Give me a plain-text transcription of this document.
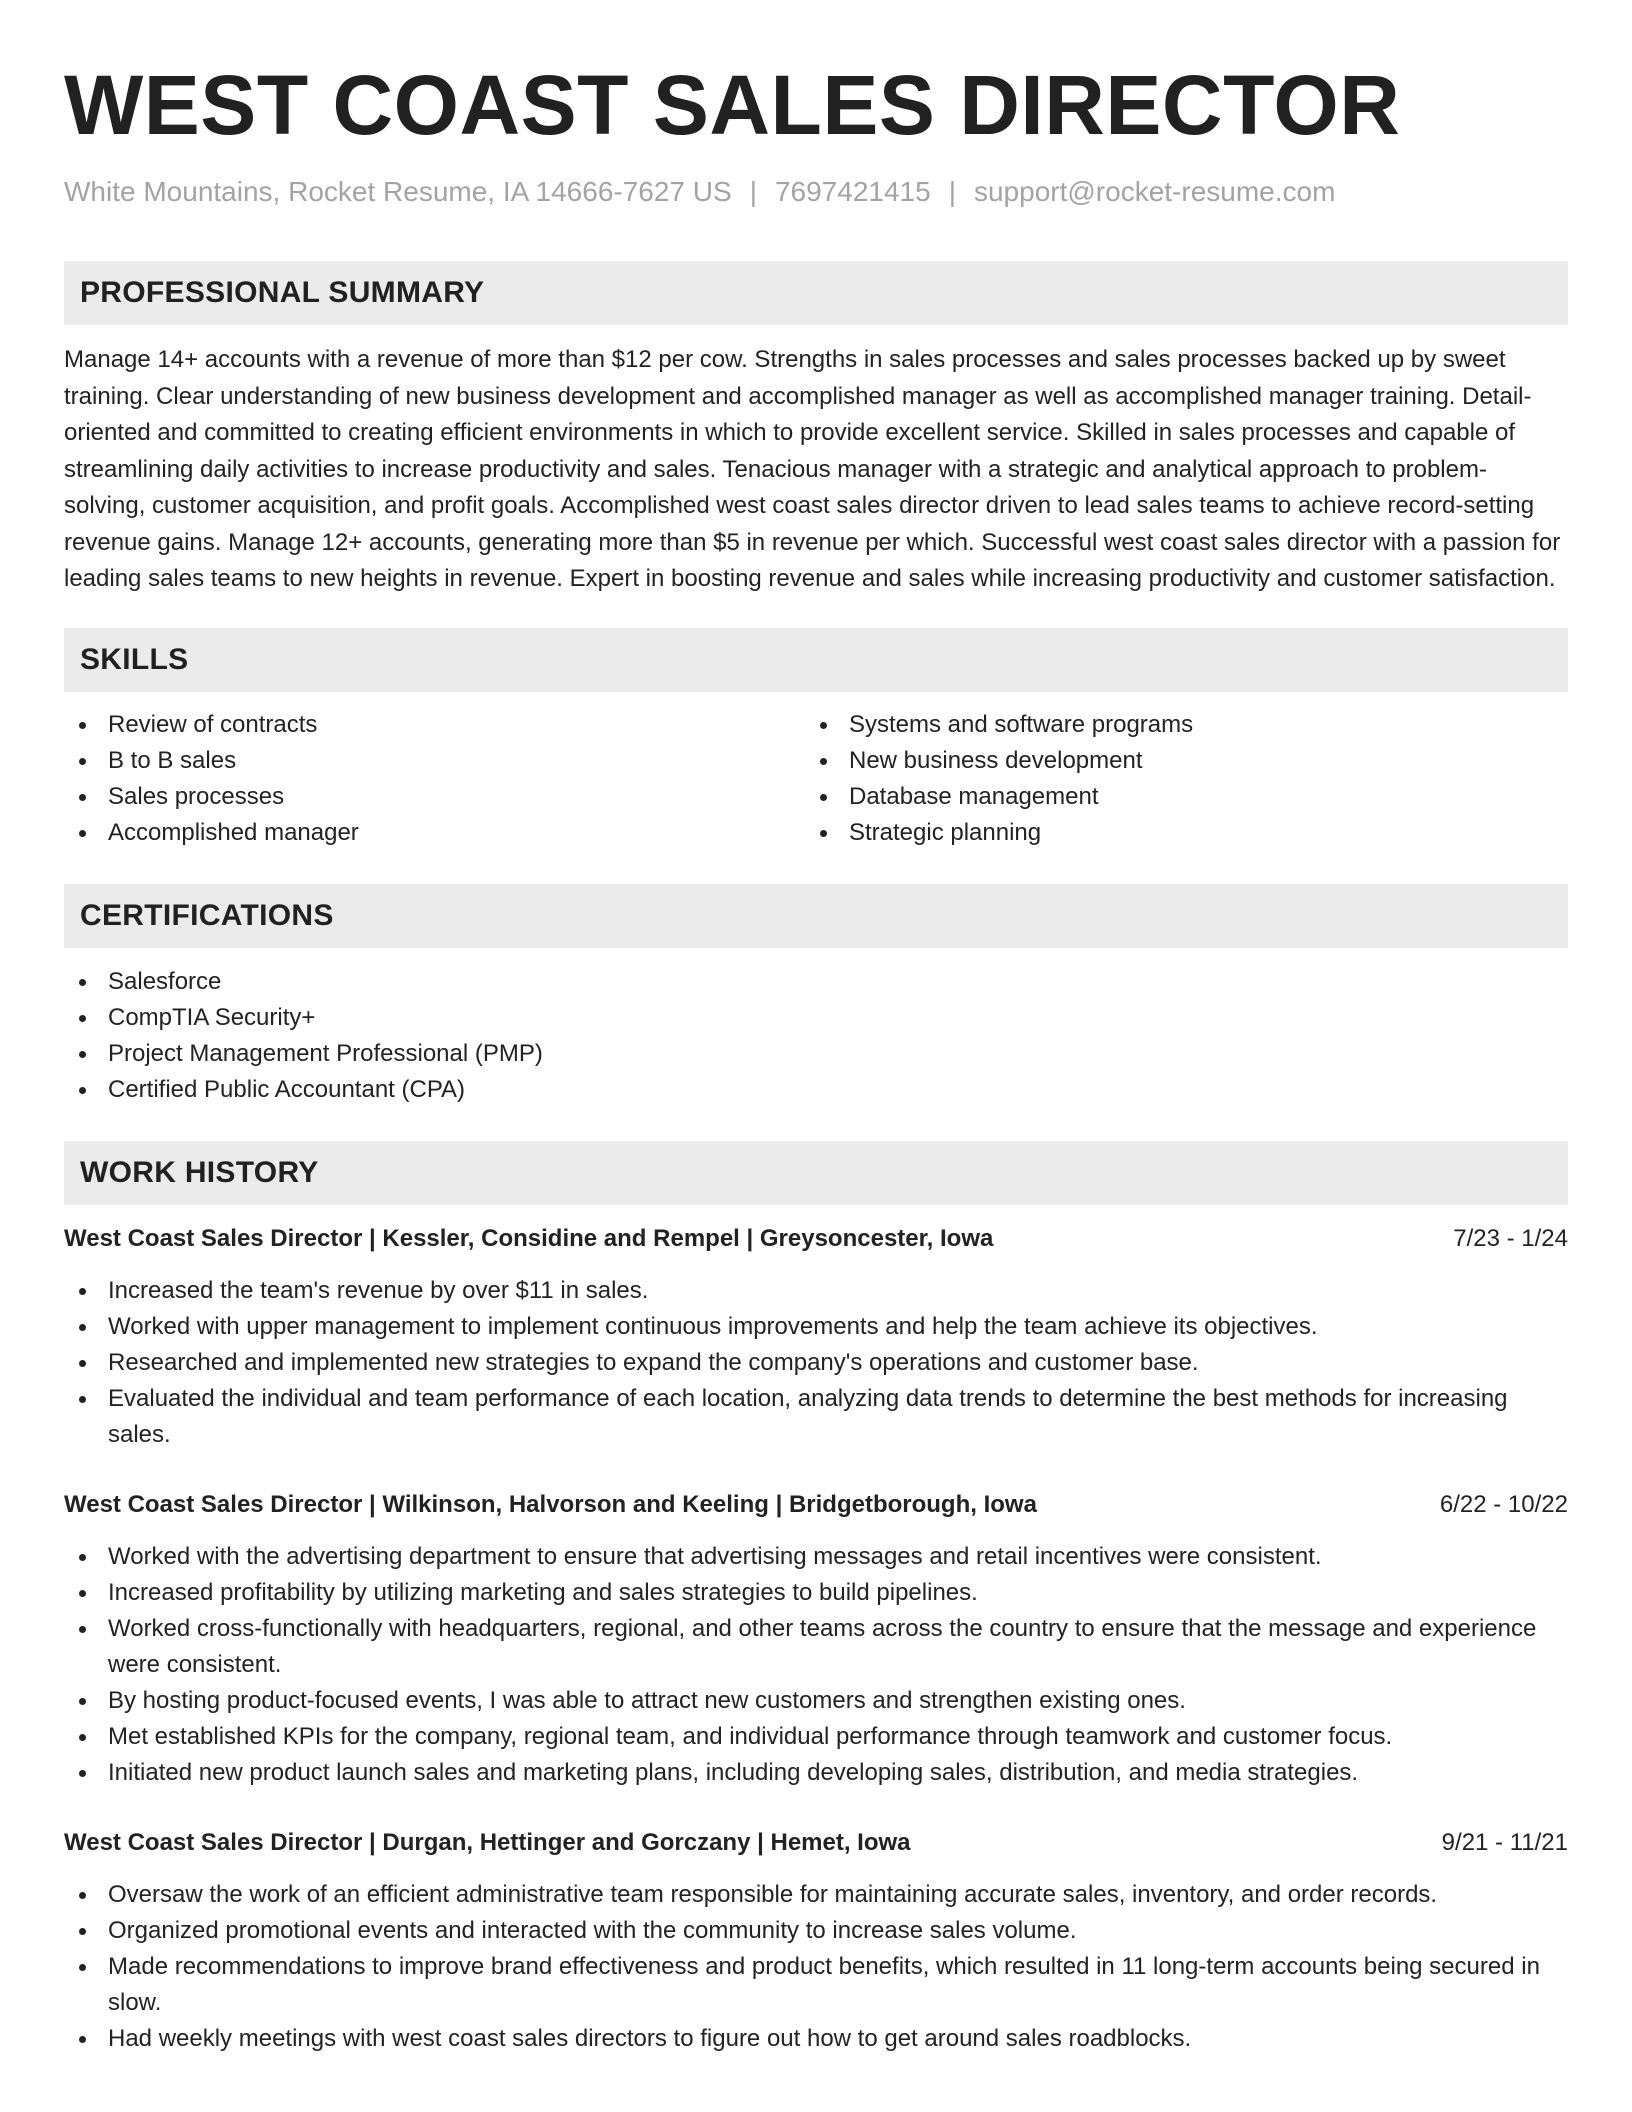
WEST COAST SALES DIRECTOR
White Mountains, Rocket Resume, IA 14666-7627 US | 7697421415 | support@rocket-resume.com
PROFESSIONAL SUMMARY

Manage 14+ accounts with a revenue of more than $12 per cow. Strengths in sales processes and sales processes backed up by sweet training. Clear understanding of new business development and accomplished manager as well as accomplished manager training. Detail-oriented and committed to creating efficient environments in which to provide excellent service. Skilled in sales processes and capable of streamlining daily activities to increase productivity and sales. Tenacious manager with a strategic and analytical approach to problem-solving, customer acquisition, and profit goals. Accomplished west coast sales director driven to lead sales teams to achieve record-setting revenue gains. Manage 12+ accounts, generating more than $5 in revenue per which. Successful west coast sales director with a passion for leading sales teams to new heights in revenue. Expert in boosting revenue and sales while increasing productivity and customer satisfaction.

SKILLS
Review of contracts
B to B sales
Sales processes
Accomplished manager
Systems and software programs
New business development
Database management
Strategic planning
CERTIFICATIONS
Salesforce
CompTIA Security+
Project Management Professional (PMP)
Certified Public Accountant (CPA)
WORK HISTORY
West Coast Sales Director | Kessler, Considine and Rempel | Greysoncester, Iowa	7/23 - 1/24
Increased the team's revenue by over $11 in sales.
Worked with upper management to implement continuous improvements and help the team achieve its objectives.
Researched and implemented new strategies to expand the company's operations and customer base.
Evaluated the individual and team performance of each location, analyzing data trends to determine the best methods for increasing sales.
West Coast Sales Director | Wilkinson, Halvorson and Keeling | Bridgetborough, Iowa	6/22 - 10/22
Worked with the advertising department to ensure that advertising messages and retail incentives were consistent.
Increased profitability by utilizing marketing and sales strategies to build pipelines.
Worked cross-functionally with headquarters, regional, and other teams across the country to ensure that the message and experience were consistent.
By hosting product-focused events, I was able to attract new customers and strengthen existing ones.
Met established KPIs for the company, regional team, and individual performance through teamwork and customer focus.
Initiated new product launch sales and marketing plans, including developing sales, distribution, and media strategies.
West Coast Sales Director | Durgan, Hettinger and Gorczany | Hemet, Iowa	9/21 - 11/21
Oversaw the work of an efficient administrative team responsible for maintaining accurate sales, inventory, and order records.
Organized promotional events and interacted with the community to increase sales volume.
Made recommendations to improve brand effectiveness and product benefits, which resulted in 11 long-term accounts being secured in slow.
Had weekly meetings with west coast sales directors to figure out how to get around sales roadblocks.
